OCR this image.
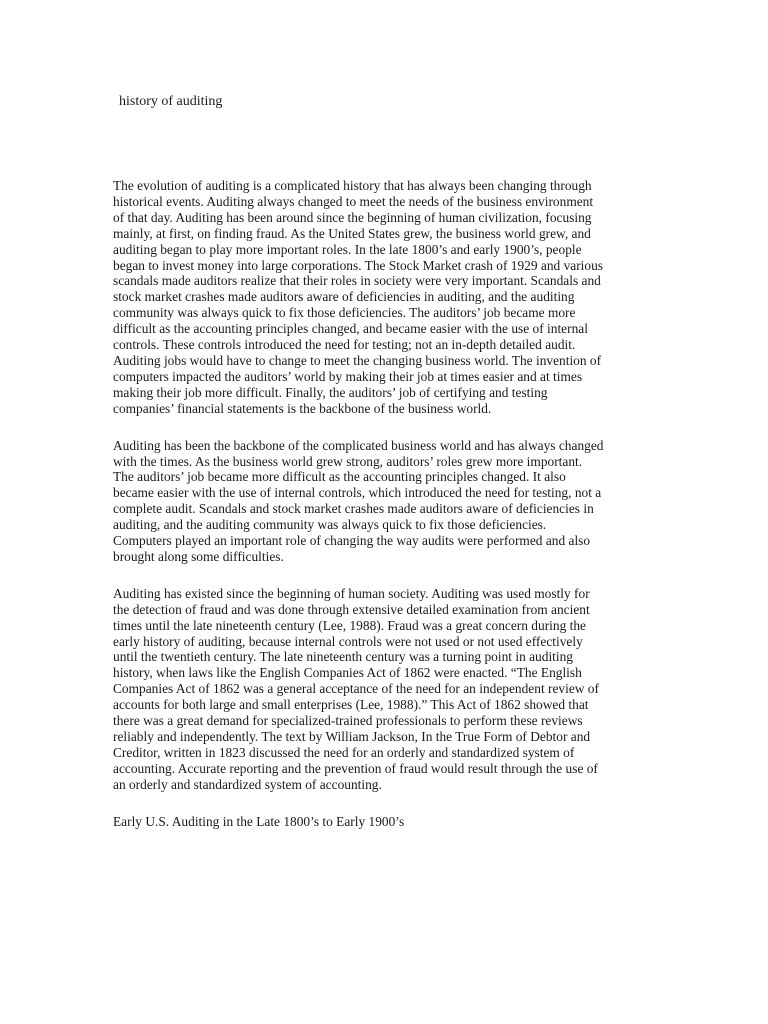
history of auditing

The evolution of auditing is a complicated history that has always been changing through
historical events. Auditing always changed to meet the needs of the business environment
of that day. Auditing has been around since the beginning of human civilization, focusing
mainly, at first, on finding fraud. As the United States grew, the business world grew, and
auditing began to play more important roles. In the late 1800’s and early 1900’s, people
began to invest money into large corporations. The Stock Market crash of 1929 and various
scandals made auditors realize that their roles in society were very important. Scandals and
stock market crashes made auditors aware of deficiencies in auditing, and the auditing
community was always quick to fix those deficiencies. The auditors’ job became more
difficult as the accounting principles changed, and became easier with the use of internal
controls. These controls introduced the need for testing; not an in-depth detailed audit.
Auditing jobs would have to change to meet the changing business world. The invention of
computers impacted the auditors’ world by making their job at times easier and at times
making their job more difficult. Finally, the auditors’ job of certifying and testing
companies’ financial statements is the backbone of the business world.

Auditing has been the backbone of the complicated business world and has always changed
with the times. As the business world grew strong, auditors’ roles grew more important.
The auditors’ job became more difficult as the accounting principles changed. It also
became easier with the use of internal controls, which introduced the need for testing, not a
complete audit. Scandals and stock market crashes made auditors aware of deficiencies in
auditing, and the auditing community was always quick to fix those deficiencies.
Computers played an important role of changing the way audits were performed and also
brought along some difficulties.

Auditing has existed since the beginning of human society. Auditing was used mostly for
the detection of fraud and was done through extensive detailed examination from ancient
times until the late nineteenth century (Lee, 1988). Fraud was a great concern during the
early history of auditing, because internal controls were not used or not used effectively
until the twentieth century. The late nineteenth century was a turning point in auditing
history, when laws like the English Companies Act of 1862 were enacted. “The English
Companies Act of 1862 was a general acceptance of the need for an independent review of
accounts for both large and small enterprises (Lee, 1988).” This Act of 1862 showed that
there was a great demand for specialized-trained professionals to perform these reviews
reliably and independently. The text by William Jackson, In the True Form of Debtor and
Creditor, written in 1823 discussed the need for an orderly and standardized system of
accounting. Accurate reporting and the prevention of fraud would result through the use of
an orderly and standardized system of accounting.

Early U.S. Auditing in the Late 1800’s to Early 1900’s
